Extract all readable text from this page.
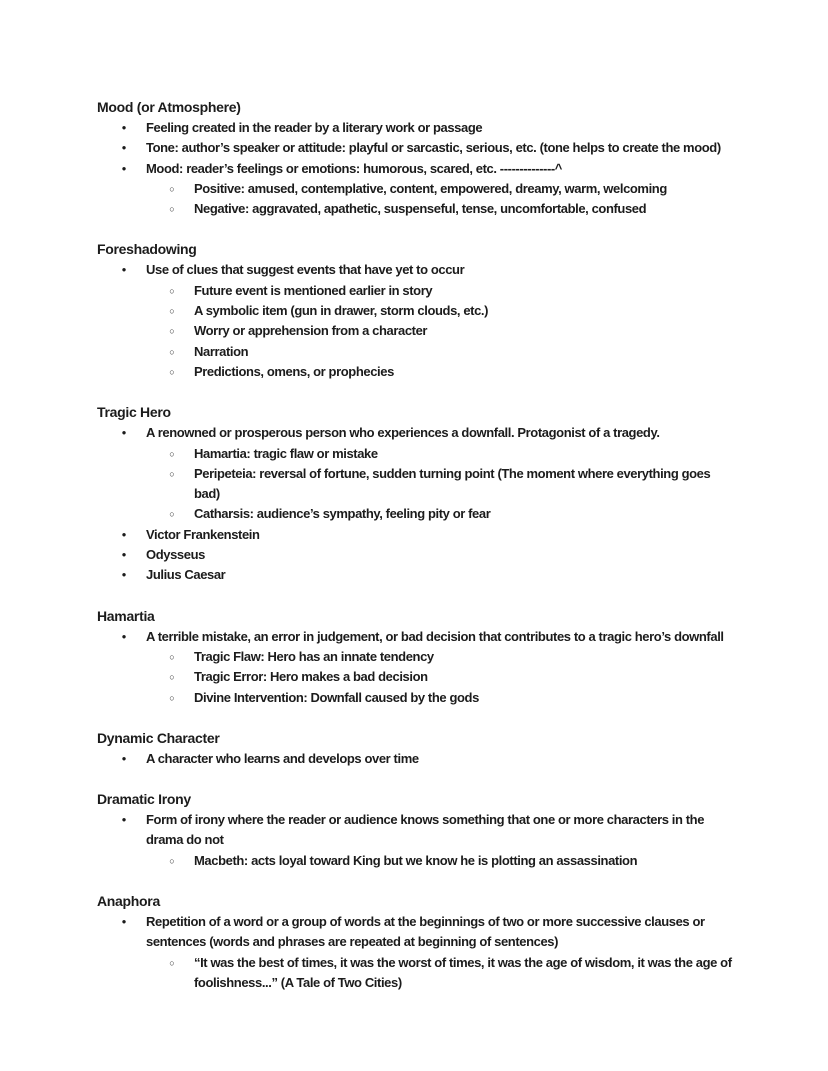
Mood (or Atmosphere)
● Feeling created in the reader by a literary work or passage
● Tone: author’s speaker or attitude: playful or sarcastic, serious, etc. (tone helps to create the mood)
● Mood: reader’s feelings or emotions: humorous, scared, etc. --------------^
○ Positive: amused, contemplative, content, empowered, dreamy, warm, welcoming
○ Negative: aggravated, apathetic, suspenseful, tense, uncomfortable, confused
Foreshadowing
● Use of clues that suggest events that have yet to occur
○ Future event is mentioned earlier in story
○ A symbolic item (gun in drawer, storm clouds, etc.)
○ Worry or apprehension from a character
○ Narration
○ Predictions, omens, or prophecies
Tragic Hero
● A renowned or prosperous person who experiences a downfall. Protagonist of a tragedy.
○ Hamartia: tragic flaw or mistake
○ Peripeteia: reversal of fortune, sudden turning point (The moment where everything goes bad)
○ Catharsis: audience’s sympathy, feeling pity or fear
● Victor Frankenstein
● Odysseus
● Julius Caesar
Hamartia
● A terrible mistake, an error in judgement, or bad decision that contributes to a tragic hero’s downfall
○ Tragic Flaw: Hero has an innate tendency
○ Tragic Error: Hero makes a bad decision
○ Divine Intervention: Downfall caused by the gods
Dynamic Character
● A character who learns and develops over time
Dramatic Irony
● Form of irony where the reader or audience knows something that one or more characters in the drama do not
○ Macbeth: acts loyal toward King but we know he is plotting an assassination
Anaphora
● Repetition of a word or a group of words at the beginnings of two or more successive clauses or sentences (words and phrases are repeated at beginning of sentences)
○ “It was the best of times, it was the worst of times, it was the age of wisdom, it was the age of foolishness...” (A Tale of Two Cities)
